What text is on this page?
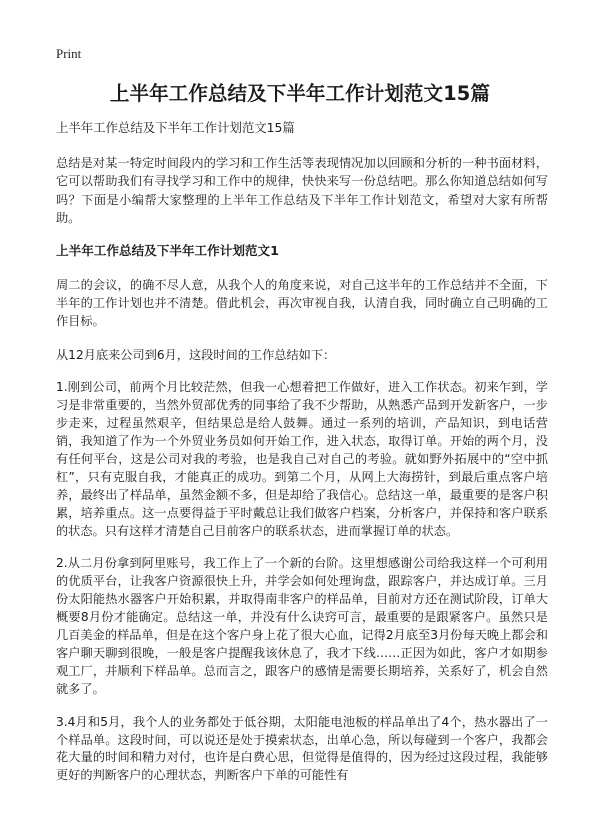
Print
上半年工作总结及下半年工作计划范文15篇

上半年工作总结及下半年工作计划范文15篇

总结是对某一特定时间段内的学习和工作生活等表现情况加以回顾和分析的一种书面材料，它可以帮助我们有寻找学习和工作中的规律，快快来写一份总结吧。那么你知道总结如何写吗？下面是小编帮大家整理的上半年工作总结及下半年工作计划范文，希望对大家有所帮助。

上半年工作总结及下半年工作计划范文1

周二的会议，的确不尽人意，从我个人的角度来说，对自己这半年的工作总结并不全面，下半年的工作计划也并不清楚。借此机会，再次审视自我，认清自我，同时确立自己明确的工作目标。

从12月底来公司到6月，这段时间的工作总结如下：

1.刚到公司，前两个月比较茫然，但我一心想着把工作做好，进入工作状态。初来乍到，学习是非常重要的，当然外贸部优秀的同事给了我不少帮助，从熟悉产品到开发新客户，一步步走来，过程虽然艰辛，但结果总是给人鼓舞。通过一系列的培训，产品知识，到电话营销，我知道了作为一个外贸业务员如何开始工作，进入状态，取得订单。开始的两个月，没有任何平台，这是公司对我的考验，也是我自己对自己的考验。就如野外拓展中的“空中抓杠”，只有克服自我，才能真正的成功。到第二个月，从网上大海捞针，到最后重点客户培养，最终出了样品单，虽然金额不多，但是却给了我信心。总结这一单，最重要的是客户积累，培养重点。这一点要得益于平时戴总让我们做客户档案，分析客户，并保持和客户联系的状态。只有这样才清楚自己目前客户的联系状态，进而掌握订单的状态。

2.从二月份拿到阿里账号，我工作上了一个新的台阶。这里想感谢公司给我这样一个可利用的优质平台，让我客户资源很快上升，并学会如何处理询盘，跟踪客户，并达成订单。三月份太阳能热水器客户开始积累，并取得南非客户的样品单，目前对方还在测试阶段，订单大概要8月份才能确定。总结这一单，并没有什么诀窍可言，最重要的是跟紧客户。虽然只是几百美金的样品单，但是在这个客户身上花了很大心血，记得2月底至3月份每天晚上都会和客户聊天聊到很晚，一般是客户提醒我该休息了，我才下线……正因为如此，客户才如期参观工厂，并顺利下样品单。总而言之，跟客户的感情是需要长期培养，关系好了，机会自然就多了。

3.4月和5月，我个人的业务都处于低谷期，太阳能电池板的样品单出了4个，热水器出了一个样品单。这段时间，可以说还是处于摸索状态，出单心急，所以每碰到一个客户，我都会花大量的时间和精力对付，也许是白费心思，但觉得是值得的，因为经过这段过程，我能够更好的判断客户的心理状态，判断客户下单的可能性有
